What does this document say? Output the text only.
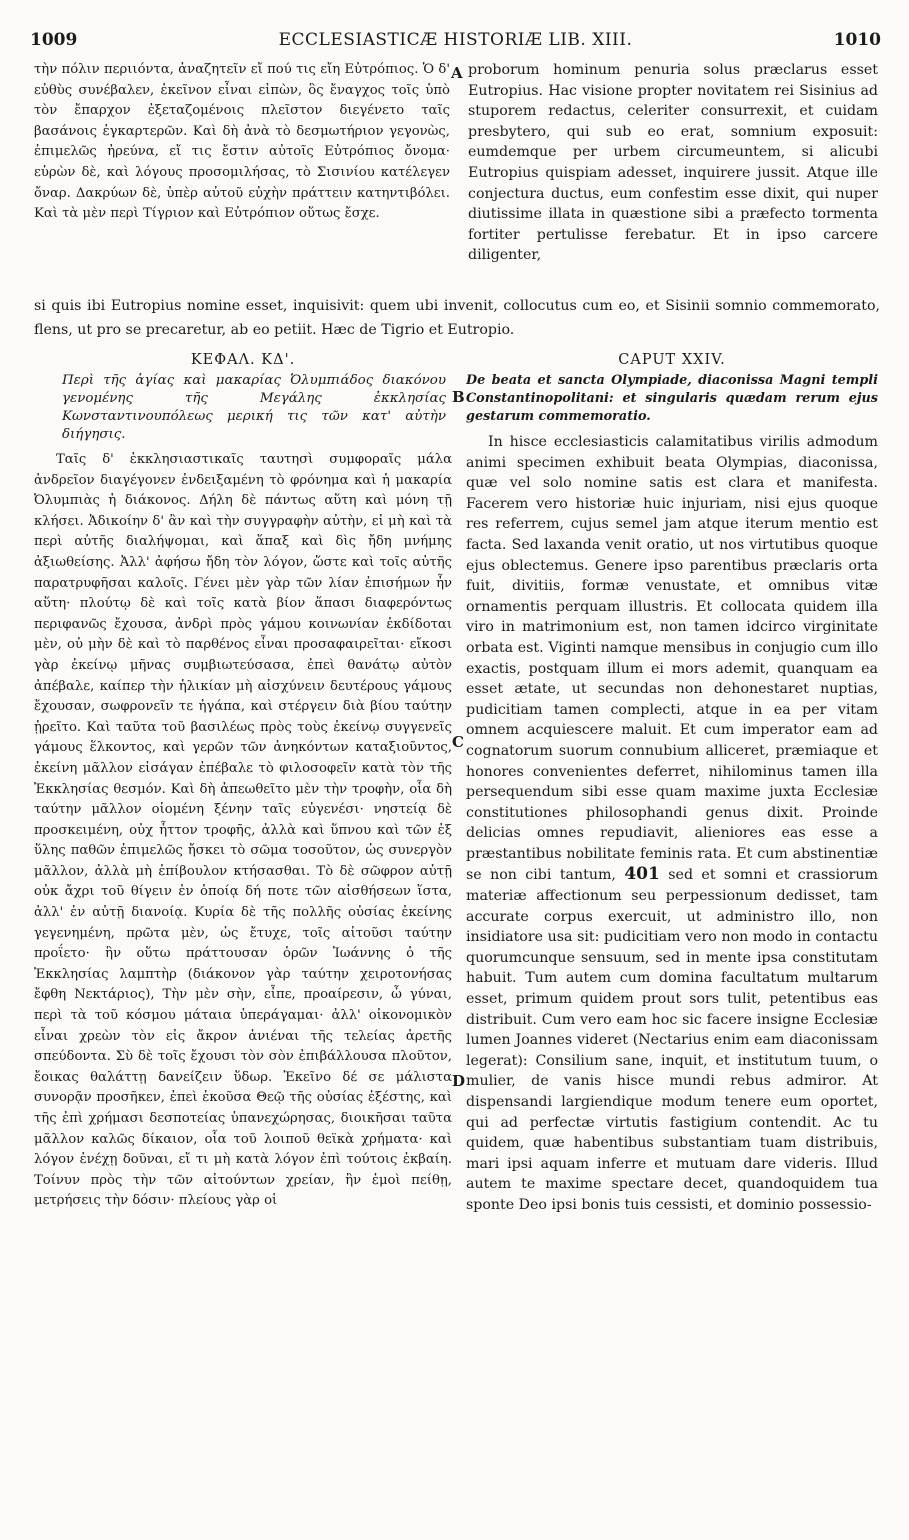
1009	ECCLESIASTICÆ HISTORIÆ LIB. XIII.	1010

τὴν πόλιν περιιόντα, ἀναζητεῖν εἴ πού τις εἴη Εὐτρόπιος. Ὁ δ' εὐθὺς συνέβαλεν, ἐκεῖνον εἶναι εἰπὼν, ὃς ἔναγχος τοῖς ὑπὸ τὸν ἔπαρχον ἐξεταζομένοις πλεῖστον διεγένετο ταῖς βασάνοις ἐγκαρτερῶν. Καὶ δὴ ἀνὰ τὸ δεσμωτήριον γεγονὼς, ἐπιμελῶς ἠρεύνα, εἴ τις ἔστιν αὐτοῖς Εὐτρόπιος ὄνομα· εὑρὼν δὲ, καὶ λόγους προσομιλήσας, τὸ Σισινίου κατέλεγεν ὄναρ. Δακρύων δὲ, ὑπὲρ αὐτοῦ εὐχὴν πράττειν κατηντιβόλει. Καὶ τὰ μὲν περὶ Τίγριον καὶ Εὐτρόπιον οὕτως ἔσχε.

A proborum hominum penuria solus præclarus esset Eutropius. Hac visione propter novitatem rei Sisinius ad stuporem redactus, celeriter consurrexit, et cuidam presbytero, qui sub eo erat, somnium exposuit: eumdemque per urbem circumeuntem, si alicubi Eutropius quispiam adesset, inquirere jussit. Atque ille conjectura ductus, eum confestim esse dixit, qui nuper diutissime illata in quæstione sibi a præfecto tormenta fortiter pertulisse ferebatur. Et in ipso carcere diligenter,

si quis ibi Eutropius nomine esset, inquisivit: quem ubi invenit, collocutus cum eo, et Sisinii somnio commemorato, flens, ut pro se precaretur, ab eo petiit. Hæc de Tigrio et Eutropio.

ΚΕΦΑΛ. ΚΔ'.

Περὶ τῆς ἁγίας καὶ μακαρίας Ὀλυμπιάδος διακόνου γενομένης τῆς Μεγάλης ἐκκλησίας Κωνσταντινουπόλεως μερική τις τῶν κατ' αὐτὴν διήγησις.

Ταῖς δ' ἐκκλησιαστικαῖς ταυτησὶ συμφοραῖς μάλα ἀνδρεῖον διαγέγονεν ἐνδειξαμένη τὸ φρόνημα καὶ ἡ μακαρία Ὀλυμπιὰς ἡ διάκονος. Δήλη δὲ πάντως αὕτη καὶ μόνη τῇ κλήσει. Ἀδικοίην δ' ἂν καὶ τὴν συγγραφὴν αὐτὴν, εἰ μὴ καὶ τὰ περὶ αὐτῆς διαλήψομαι, καὶ ἅπαξ καὶ δὶς ἤδη μνήμης ἀξιωθείσης. Ἀλλ' ἀφήσω ἤδη τὸν λόγον, ὥστε καὶ τοῖς αὐτῆς παρατρυφῆσαι καλοῖς. Γένει μὲν γὰρ τῶν λίαν ἐπισήμων ἦν αὕτη· πλούτῳ δὲ καὶ τοῖς κατὰ βίον ἅπασι διαφερόντως περιφανῶς ἔχουσα, ἀνδρὶ πρὸς γάμου κοινωνίαν ἐκδίδοται μὲν, οὐ μὴν δὲ καὶ τὸ παρθένος εἶναι προσαφαιρεῖται· εἴκοσι γὰρ ἐκείνῳ μῆνας συμβιωτεύσασα, ἐπεὶ θανάτῳ αὐτὸν ἀπέβαλε, καίπερ τὴν ἡλικίαν μὴ αἰσχύνειν δευτέρους γάμους ἔχουσαν, σωφρονεῖν τε ἠγάπα, καὶ στέργειν διὰ βίου ταύτην ᾑρεῖτο. Καὶ ταῦτα τοῦ βασιλέως πρὸς τοὺς ἐκείνῳ συγγενεῖς γάμους ἕλκοντος, καὶ γερῶν τῶν ἀνηκόντων καταξιοῦντος, ἐκείνη μᾶλλον εἰσάγαν ἐπέβαλε τὸ φιλοσοφεῖν κατὰ τὸν τῆς Ἐκκλησίας θεσμόν. Καὶ δὴ ἀπεωθεῖτο μὲν τὴν τροφὴν, οἷα δὴ ταύτην μᾶλλον οἰομένη ξένην ταῖς εὐγενέσι· νηστείᾳ δὲ προσκειμένη, οὐχ ἧττον τροφῆς, ἀλλὰ καὶ ὕπνου καὶ τῶν ἐξ ὕλης παθῶν ἐπιμελῶς ἤσκει τὸ σῶμα τοσοῦτον, ὡς συνεργὸν μᾶλλον, ἀλλὰ μὴ ἐπίβουλον κτήσασθαι. Τὸ δὲ σῶφρον αὐτῇ οὐκ ἄχρι τοῦ θίγειν ἐν ὁποίᾳ δή ποτε τῶν αἰσθήσεων ἵστα, ἀλλ' ἐν αὐτῇ διανοίᾳ. Κυρία δὲ τῆς πολλῆς οὐσίας ἐκείνης γεγενημένη, πρῶτα μὲν, ὡς ἔτυχε, τοῖς αἰτοῦσι ταύτην προΐετο· ἣν οὕτω πράττουσαν ὁρῶν Ἰωάννης ὁ τῆς Ἐκκλησίας λαμπτὴρ (διάκονον γὰρ ταύτην χειροτονήσας ἔφθη Νεκτάριος), Τὴν μὲν σὴν, εἶπε, προαίρεσιν, ὦ γύναι, περὶ τὰ τοῦ κόσμου μάταια ὑπεράγαμαι· ἀλλ' οἰκονομικὸν εἶναι χρεὼν τὸν εἰς ἄκρον ἀνιέναι τῆς τελείας ἀρετῆς σπεύδοντα. Σὺ δὲ τοῖς ἔχουσι τὸν σὸν ἐπιβάλλουσα πλοῦτον, ἔοικας θαλάττῃ δανείζειν ὕδωρ. Ἐκεῖνο δέ σε μάλιστα συνορᾷν προσῆκεν, ἐπεὶ ἑκοῦσα Θεῷ τῆς οὐσίας ἐξέστης, καὶ τῆς ἐπὶ χρήμασι δεσποτείας ὑπανεχώρησας, διοικῆσαι ταῦτα μᾶλλον καλῶς δίκαιον, οἷα τοῦ λοιποῦ θεϊκὰ χρήματα· καὶ λόγον ἐνέχῃ δοῦναι, εἴ τι μὴ κατὰ λόγον ἐπὶ τούτοις ἐκβαίη. Τοίνυν πρὸς τὴν τῶν αἰτούντων χρείαν, ἣν ἐμοὶ πείθῃ, μετρήσεις τὴν δόσιν· πλείους γὰρ οἱ

B
C
D

CAPUT XXIV.

De beata et sancta Olympiade, diaconissa Magni templi Constantinopolitani: et singularis quædam rerum ejus gestarum commemoratio.

In hisce ecclesiasticis calamitatibus virilis admodum animi specimen exhibuit beata Olympias, diaconissa, quæ vel solo nomine satis est clara et manifesta. Facerem vero historiæ huic injuriam, nisi ejus quoque res referrem, cujus semel jam atque iterum mentio est facta. Sed laxanda venit oratio, ut nos virtutibus quoque ejus oblectemus. Genere ipso parentibus præclaris orta fuit, divitiis, formæ venustate, et omnibus vitæ ornamentis perquam illustris. Et collocata quidem illa viro in matrimonium est, non tamen idcirco virginitate orbata est. Viginti namque mensibus in conjugio cum illo exactis, postquam illum ei mors ademit, quanquam ea esset ætate, ut secundas non dehonestaret nuptias, pudicitiam tamen complecti, atque in ea per vitam omnem acquiescere maluit. Et cum imperator eam ad cognatorum suorum connubium alliceret, præmiaque et honores convenientes deferret, nihilominus tamen illa persequendum sibi esse quam maxime juxta Ecclesiæ constitutiones philosophandi genus dixit. Proinde delicias omnes repudiavit, alieniores eas esse a præstantibus nobilitate feminis rata. Et cum abstinentiæ se non cibi tantum, 401 sed et somni et crassiorum materiæ affectionum seu perpessionum dedisset, tam accurate corpus exercuit, ut administro illo, non insidiatore usa sit: pudicitiam vero non modo in contactu quorumcunque sensuum, sed in mente ipsa constitutam habuit. Tum autem cum domina facultatum multarum esset, primum quidem prout sors tulit, petentibus eas distribuit. Cum vero eam hoc sic facere insigne Ecclesiæ lumen Joannes videret (Nectarius enim eam diaconissam legerat): Consilium sane, inquit, et institutum tuum, o mulier, de vanis hisce mundi rebus admiror. At dispensandi largiendique modum tenere eum oportet, qui ad perfectæ virtutis fastigium contendit. Ac tu quidem, quæ habentibus substantiam tuam distribuis, mari ipsi aquam inferre et mutuam dare videris. Illud autem te maxime spectare decet, quandoquidem tua sponte Deo ipsi bonis tuis cessisti, et dominio possessio-
